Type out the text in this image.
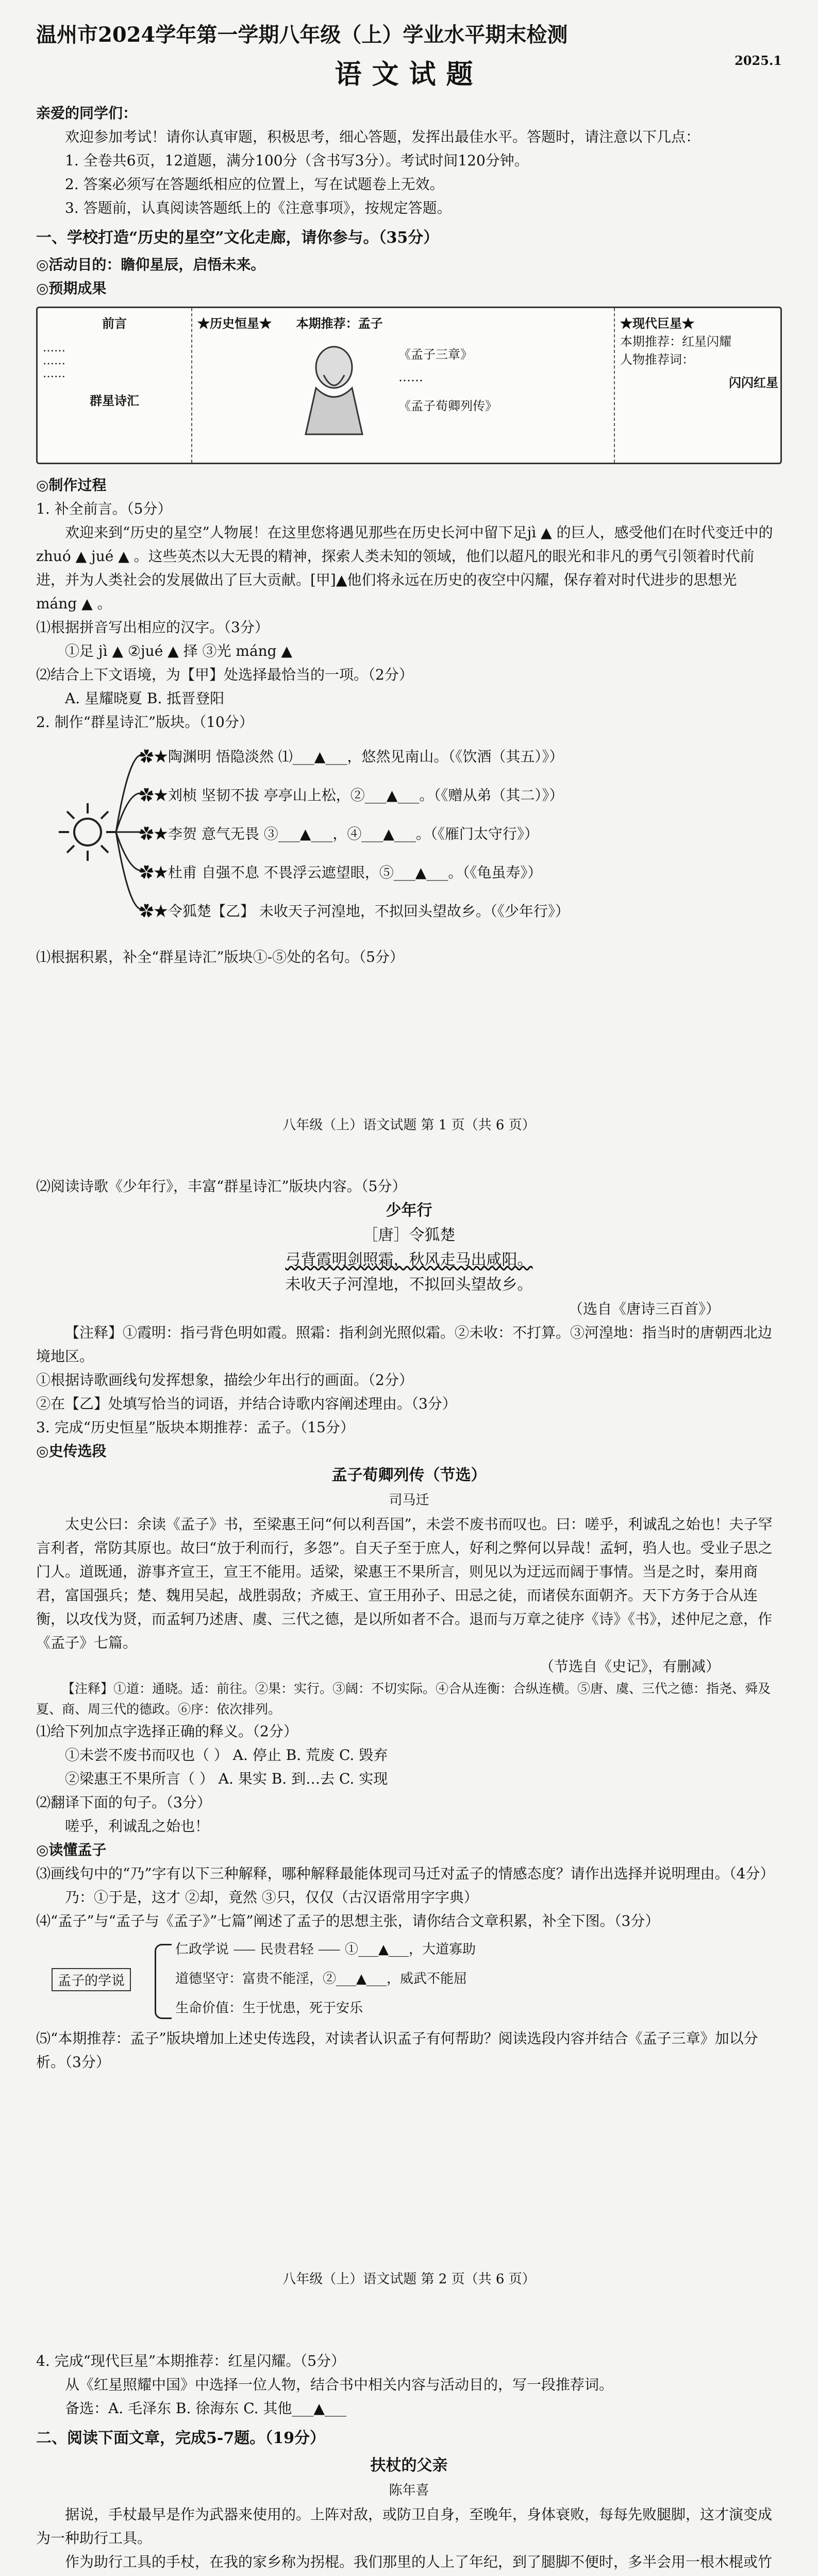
温州市2024学年第一学期八年级（上）学业水平期末检测
2025.1
语文试题

亲爱的同学们：

欢迎参加考试！请你认真审题，积极思考，细心答题，发挥出最佳水平。答题时，请注意以下几点：

1. 全卷共6页，12道题，满分100分（含书写3分）。考试时间120分钟。

2. 答案必须写在答题纸相应的位置上，写在试题卷上无效。

3. 答题前，认真阅读答题纸上的《注意事项》，按规定答题。

一、学校打造“历史的星空”文化走廊，请你参与。（35分）

◎活动目的：瞻仰星辰，启悟未来。

◎预期成果

前言
……
……
……
群星诗汇
★历史恒星★ 本期推荐：孟子
《孟子三章》
……
《孟子荀卿列传》
★现代巨星★
本期推荐：红星闪耀
人物推荐词：
闪闪红星

◎制作过程

1. 补全前言。（5分）

欢迎来到“历史的星空”人物展！在这里您将遇见那些在历史长河中留下足jì ▲ 的巨人，感受他们在时代变迁中的zhuó ▲ jué ▲ 。这些英杰以大无畏的精神，探索人类未知的领域，他们以超凡的眼光和非凡的勇气引领着时代前进，并为人类社会的发展做出了巨大贡献。[甲]▲他们将永远在历史的夜空中闪耀，保存着对时代进步的思想光 máng ▲ 。

⑴根据拼音写出相应的汉字。（3分）

①足 jì ▲ ②jué ▲ 择 ③光 máng ▲

⑵结合上下文语境，为【甲】处选择最恰当的一项。（2分）

A. 星耀晓夏 B. 抵晋登阳

2. 制作“群星诗汇”版块。（10分）

✿★陶渊明 悟隐淡然 ⑴___▲___，悠然见南山。（《饮酒（其五）》）
✿★刘桢 坚韧不拔 亭亭山上松，②___▲___。（《赠从弟（其二）》）
✿★李贺 意气无畏 ③___▲___，④___▲___。（《雁门太守行》）
✿★杜甫 自强不息 不畏浮云遮望眼，⑤___▲___。（《龟虽寿》）
✿★令狐楚【乙】 未收天子河湟地，不拟回头望故乡。（《少年行》）

⑴根据积累，补全“群星诗汇”版块①-⑤处的名句。（5分）

八年级（上）语文试题 第 1 页（共 6 页）

⑵阅读诗歌《少年行》，丰富“群星诗汇”版块内容。（5分）

少年行
［唐］令狐楚
弓背霞明剑照霜，秋风走马出咸阳。
未收天子河湟地，不拟回头望故乡。
（选自《唐诗三百首》）

【注释】①霞明：指弓背色明如霞。照霜：指利剑光照似霜。②未收：不打算。③河湟地：指当时的唐朝西北边境地区。

①根据诗歌画线句发挥想象，描绘少年出行的画面。（2分）

②在【乙】处填写恰当的词语，并结合诗歌内容阐述理由。（3分）

3. 完成“历史恒星”版块本期推荐：孟子。（15分）

◎史传选段

孟子荀卿列传（节选）
司马迁

太史公曰：余读《孟子》书，至梁惠王问“何以利吾国”，未尝不废书而叹也。曰：嗟乎，利诚乱之始也！夫子罕言利者，常防其原也。故曰“放于利而行，多怨”。自天子至于庶人，好利之弊何以异哉！孟轲，驺人也。受业子思之门人。道既通，游事齐宣王，宣王不能用。适梁，梁惠王不果所言，则见以为迂远而阔于事情。当是之时，秦用商君，富国强兵；楚、魏用吴起，战胜弱敌；齐威王、宣王用孙子、田忌之徒，而诸侯东面朝齐。天下方务于合从连衡，以攻伐为贤，而孟轲乃述唐、虞、三代之德，是以所如者不合。退而与万章之徒序《诗》《书》，述仲尼之意，作《孟子》七篇。

（节选自《史记》，有删减）

【注释】①道：通晓。适：前往。②果：实行。③阔：不切实际。④合从连衡：合纵连横。⑤唐、虞、三代之德：指尧、舜及夏、商、周三代的德政。⑥序：依次排列。

⑴给下列加点字选择正确的释义。（2分）

①未尝不废书而叹也（ ） A. 停止 B. 荒废 C. 毁弃

②梁惠王不果所言（ ） A. 果实 B. 到…去 C. 实现

⑵翻译下面的句子。（3分）

嗟乎，利诚乱之始也！

◎读懂孟子

⑶画线句中的“乃”字有以下三种解释，哪种解释最能体现司马迁对孟子的情感态度？请作出选择并说明理由。（4分）

乃：①于是，这才 ②却，竟然 ③只，仅仅（古汉语常用字字典）

⑷“孟子”与“孟子与《孟子》”七篇”阐述了孟子的思想主张，请你结合文章积累，补全下图。（3分）

孟子的学说
仁政学说 ⸺ 民贵君轻 ⸺ ①___▲___，大道寡助
道德坚守：富贵不能淫，②___▲___，威武不能屈
生命价值：生于忧患，死于安乐

⑸“本期推荐：孟子”版块增加上述史传选段，对读者认识孟子有何帮助？阅读选段内容并结合《孟子三章》加以分析。（3分）

八年级（上）语文试题 第 2 页（共 6 页）

4. 完成“现代巨星”本期推荐：红星闪耀。（5分）

从《红星照耀中国》中选择一位人物，结合书中相关内容与活动目的，写一段推荐词。

备选：A. 毛泽东 B. 徐海东 C. 其他___▲___

二、阅读下面文章，完成5-7题。（19分）
扶杖的父亲
陈年喜

据说，手杖最早是作为武器来使用的。上阵对敌，或防卫自身，至晚年，身体衰败，每每先败腿脚，这才演变成为一种助行工具。

作为助行工具的手杖，在我的家乡称为拐棍。我们那里的人上了年纪，到了腿脚不便时，多半会用一根木棍或竹
